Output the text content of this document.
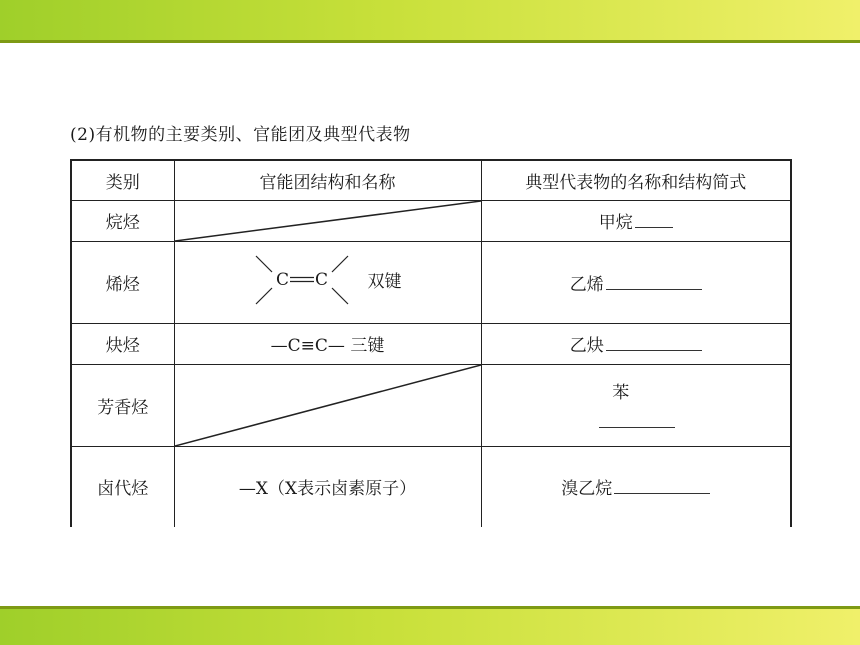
(2)有机物的主要类别、官能团及典型代表物
类别	官能团结构和名称	典型代表物的名称和结构简式
烷烃		甲烷
烯烃	C C 双键	乙烯
炔烃	—C≡C— 三键	乙炔
芳香烃		苯

卤代烃	—X（X表示卤素原子）	溴乙烷
